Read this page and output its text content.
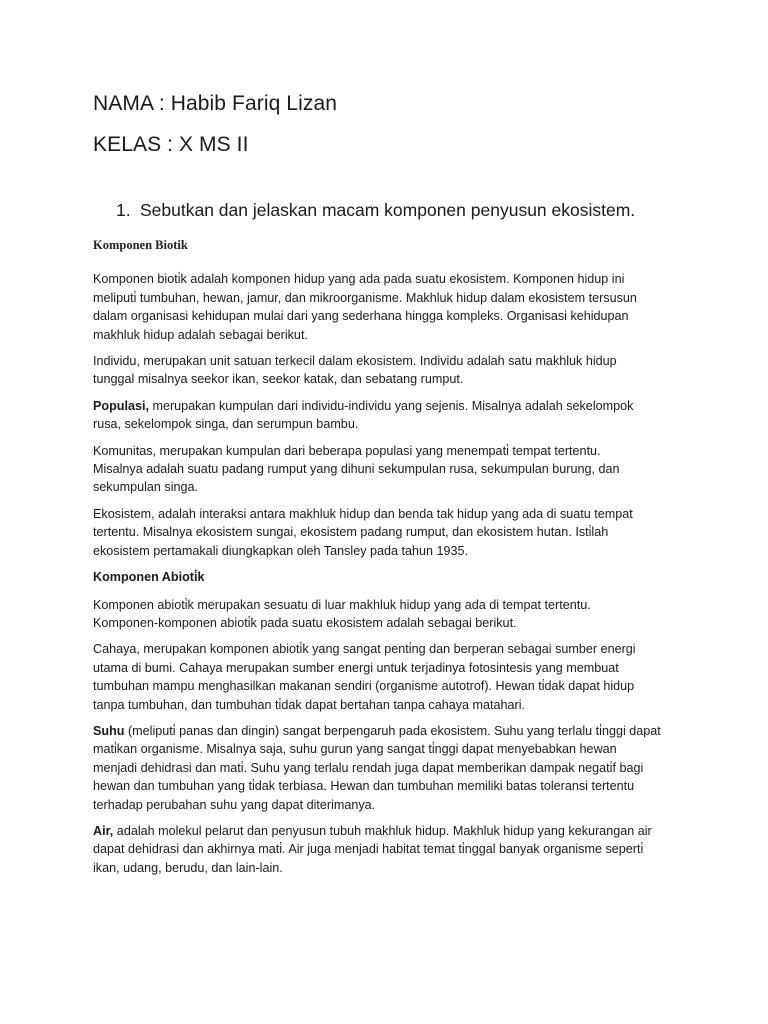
NAMA : Habib Fariq Lizan
KELAS : X MS II
1. Sebutkan dan jelaskan macam komponen penyusun ekosistem.
Komponen Biotik
Komponen bioti̇k adalah komponen hidup yang ada pada suatu ekosistem. Komponen hidup ini
meliputi̇ tumbuhan, hewan, jamur, dan mikroorganisme. Makhluk hidup dalam ekosistem tersusun
dalam organisasi kehidupan mulai dari yang sederhana hingga kompleks. Organisasi kehidupan
makhluk hidup adalah sebagai berikut.
Individu, merupakan unit satuan terkecil dalam ekosistem. Individu adalah satu makhluk hidup
tunggal misalnya seekor ikan, seekor katak, dan sebatang rumput.
Populasi, merupakan kumpulan dari individu-individu yang sejenis. Misalnya adalah sekelompok
rusa, sekelompok singa, dan serumpun bambu.
Komunitas, merupakan kumpulan dari beberapa populasi yang menempati̇ tempat tertentu.
Misalnya adalah suatu padang rumput yang dihuni sekumpulan rusa, sekumpulan burung, dan
sekumpulan singa.
Ekosistem, adalah interaksi antara makhluk hidup dan benda tak hidup yang ada di suatu tempat
tertentu. Misalnya ekosistem sungai, ekosistem padang rumput, dan ekosistem hutan. Isti̇lah
ekosistem pertamakali diungkapkan oleh Tansley pada tahun 1935.
Komponen Abioti̇k
Komponen abioti̇k merupakan sesuatu di luar makhluk hidup yang ada di tempat tertentu.
Komponen-komponen abioti̇k pada suatu ekosistem adalah sebagai berikut.
Cahaya, merupakan komponen abioti̇k yang sangat penti̇ng dan berperan sebagai sumber energi
utama di bumi. Cahaya merupakan sumber energi untuk terjadinya fotosintesis yang membuat
tumbuhan mampu menghasilkan makanan sendiri (organisme autotrof). Hewan ti̇dak dapat hidup
tanpa tumbuhan, dan tumbuhan ti̇dak dapat bertahan tanpa cahaya matahari.
Suhu (meliputi̇ panas dan dingin) sangat berpengaruh pada ekosistem. Suhu yang terlalu ti̇nggi dapat
mati̇kan organisme. Misalnya saja, suhu gurun yang sangat ti̇nggi dapat menyebabkan hewan
menjadi dehidrasi dan mati̇. Suhu yang terlalu rendah juga dapat memberikan dampak negati̇f bagi
hewan dan tumbuhan yang ti̇dak terbiasa. Hewan dan tumbuhan memiliki batas toleransi tertentu
terhadap perubahan suhu yang dapat diterimanya.
Air, adalah molekul pelarut dan penyusun tubuh makhluk hidup. Makhluk hidup yang kekurangan air
dapat dehidrasi dan akhirnya mati̇. Air juga menjadi habitat temat ti̇nggal banyak organisme seperti̇
ikan, udang, berudu, dan lain-lain.
